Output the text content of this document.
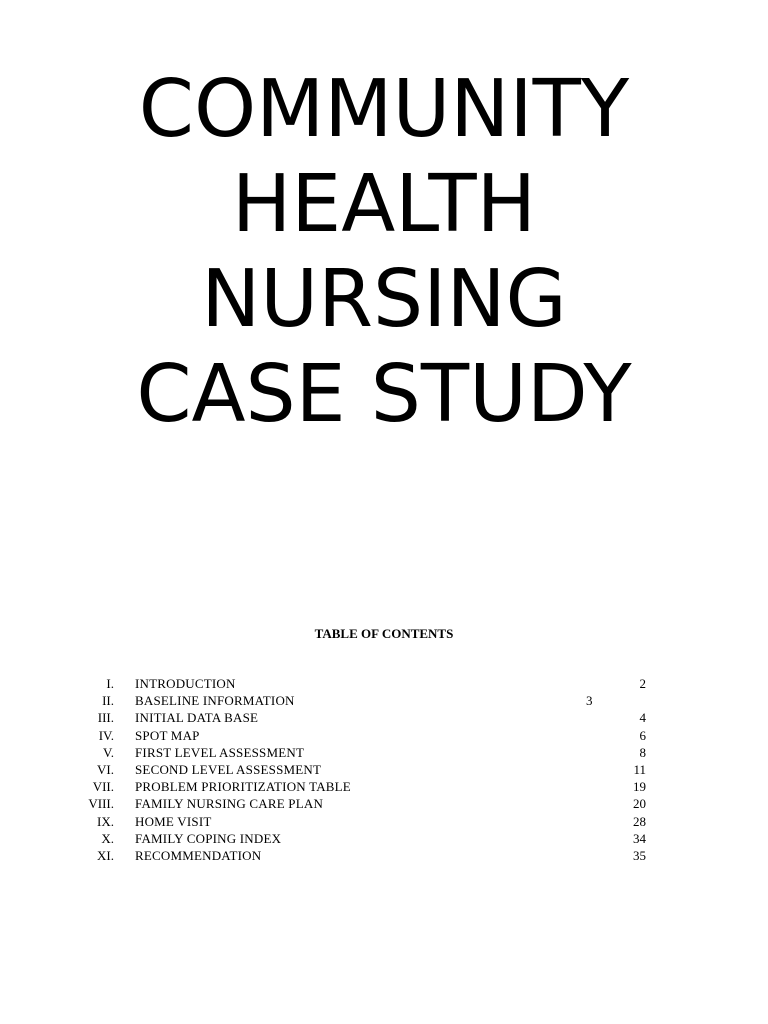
COMMUNITY
HEALTH
NURSING
CASE STUDY
TABLE OF CONTENTS
I. INTRODUCTION	2
II. BASELINE INFORMATION	3
III. INITIAL DATA BASE	4
IV. SPOT MAP	6
V. FIRST LEVEL ASSESSMENT	8
VI. SECOND LEVEL ASSESSMENT	11
VII. PROBLEM PRIORITIZATION TABLE	19
VIII. FAMILY NURSING CARE PLAN	20
IX. HOME VISIT	28
X. FAMILY COPING INDEX	34
XI. RECOMMENDATION	35
